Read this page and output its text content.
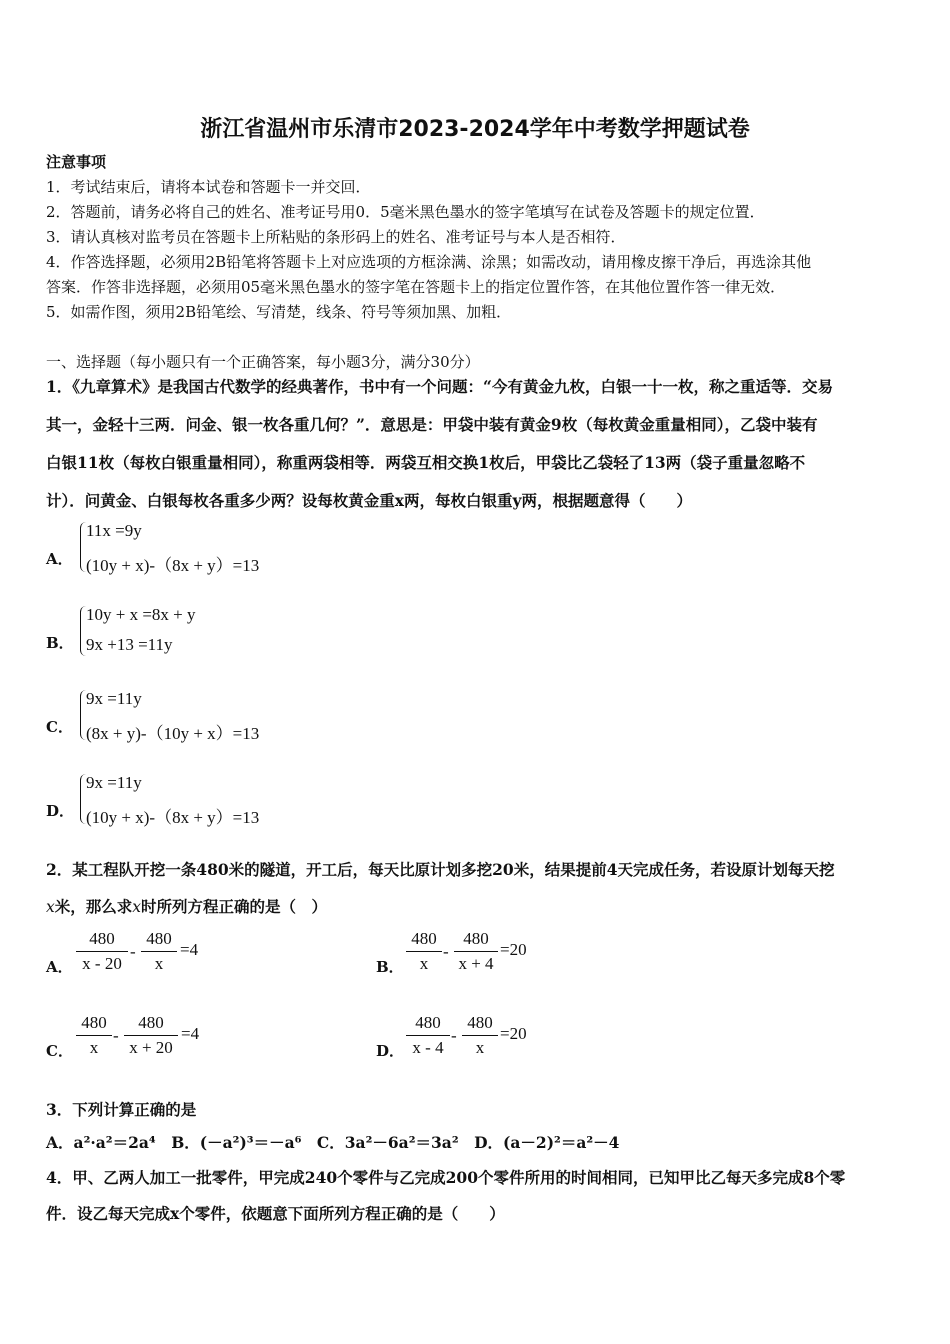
浙江省温州市乐清市2023-2024学年中考数学押题试卷
注意事项
1．考试结束后，请将本试卷和答题卡一并交回．
2．答题前，请务必将自己的姓名、准考证号用0．5毫米黑色墨水的签字笔填写在试卷及答题卡的规定位置．
3．请认真核对监考员在答题卡上所粘贴的条形码上的姓名、准考证号与本人是否相符．
4．作答选择题，必须用2B铅笔将答题卡上对应选项的方框涂满、涂黑；如需改动，请用橡皮擦干净后，再选涂其他
答案．作答非选择题，必须用05毫米黑色墨水的签字笔在答题卡上的指定位置作答，在其他位置作答一律无效．
5．如需作图，须用2B铅笔绘、写清楚，线条、符号等须加黑、加粗．
一、选择题（每小题只有一个正确答案，每小题3分，满分30分）
1．《九章算术》是我国古代数学的经典著作，书中有一个问题：“今有黄金九枚，白银一十一枚，称之重适等．交易
其一，金轻十三两．问金、银一枚各重几何？”．意思是：甲袋中装有黄金9枚（每枚黄金重量相同），乙袋中装有
白银11枚（每枚白银重量相同），称重两袋相等．两袋互相交换1枚后，甲袋比乙袋轻了13两（袋子重量忽略不
计）．问黄金、白银每枚各重多少两？设每枚黄金重x两，每枚白银重y两，根据题意得（　　）
A．
11x =9y
(10y + x)-（8x + y）=13
B．
10y + x =8x + y
9x +13 =11y
C．
9x =11y
(8x + y)-（10y + x）=13
D．
9x =11y
(10y + x)-（8x + y）=13
2．某工程队开挖一条480米的隧道，开工后，每天比原计划多挖20米，结果提前4天完成任务，若设原计划每天挖
x米，那么求x时所列方程正确的是（　）
A．
480
x - 20
-
480
x
=4
B．
480
x
-
480
x + 4
=20
C．
480
x
-
480
x + 20
=4
D．
480
x - 4
-
480
x
=20
3．下列计算正确的是
A．a²·a²＝2a⁴　B．(－a²)³＝－a⁶　C．3a²－6a²＝3a²　D．(a－2)²＝a²－4
4．甲、乙两人加工一批零件，甲完成240个零件与乙完成200个零件所用的时间相同，已知甲比乙每天多完成8个零
件．设乙每天完成x个零件，依题意下面所列方程正确的是（　　）
